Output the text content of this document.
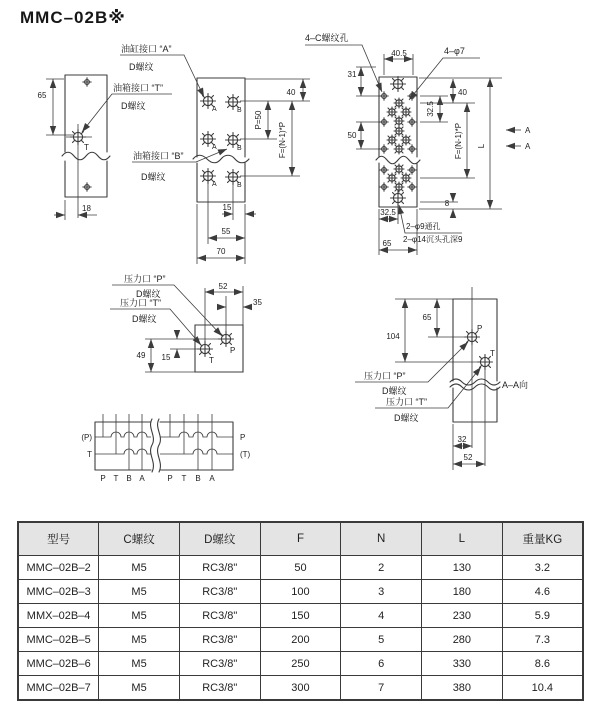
MMC–02B※
65
18
T
油缸接口 “A”
D螺纹
油箱接口 “T”
D螺纹
油箱接口 “B”
D螺纹
A	B
A	B
A	B
40
P=50
F=(N-1)*P
15
55
70
4–C螺纹孔
40.5	4–φ7
31
50
32.5
40
F=(N-1)*P L
A
A
8
32.5
65
2–φ9通孔
2–φ14沉头孔深9
52
35
49 15
P
T
压力口 “P”
D螺纹
压力口 “T”
D螺纹
(P)	P
T	(T)
P T B A	P T B A
65
104
P
T
压力口 “P”
D螺纹
压力口 “T”
D螺纹
A–A向
32
52
型号	C螺纹	D螺纹	F	N	L	重量KG
MMC–02B–2	M5	RC3/8"	50	2	130	3.2
MMC–02B–3	M5	RC3/8"	100	3	180	4.6
MMX–02B–4	M5	RC3/8"	150	4	230	5.9
MMC–02B–5	M5	RC3/8"	200	5	280	7.3
MMC–02B–6	M5	RC3/8"	250	6	330	8.6
MMC–02B–7	M5	RC3/8"	300	7	380	10.4
